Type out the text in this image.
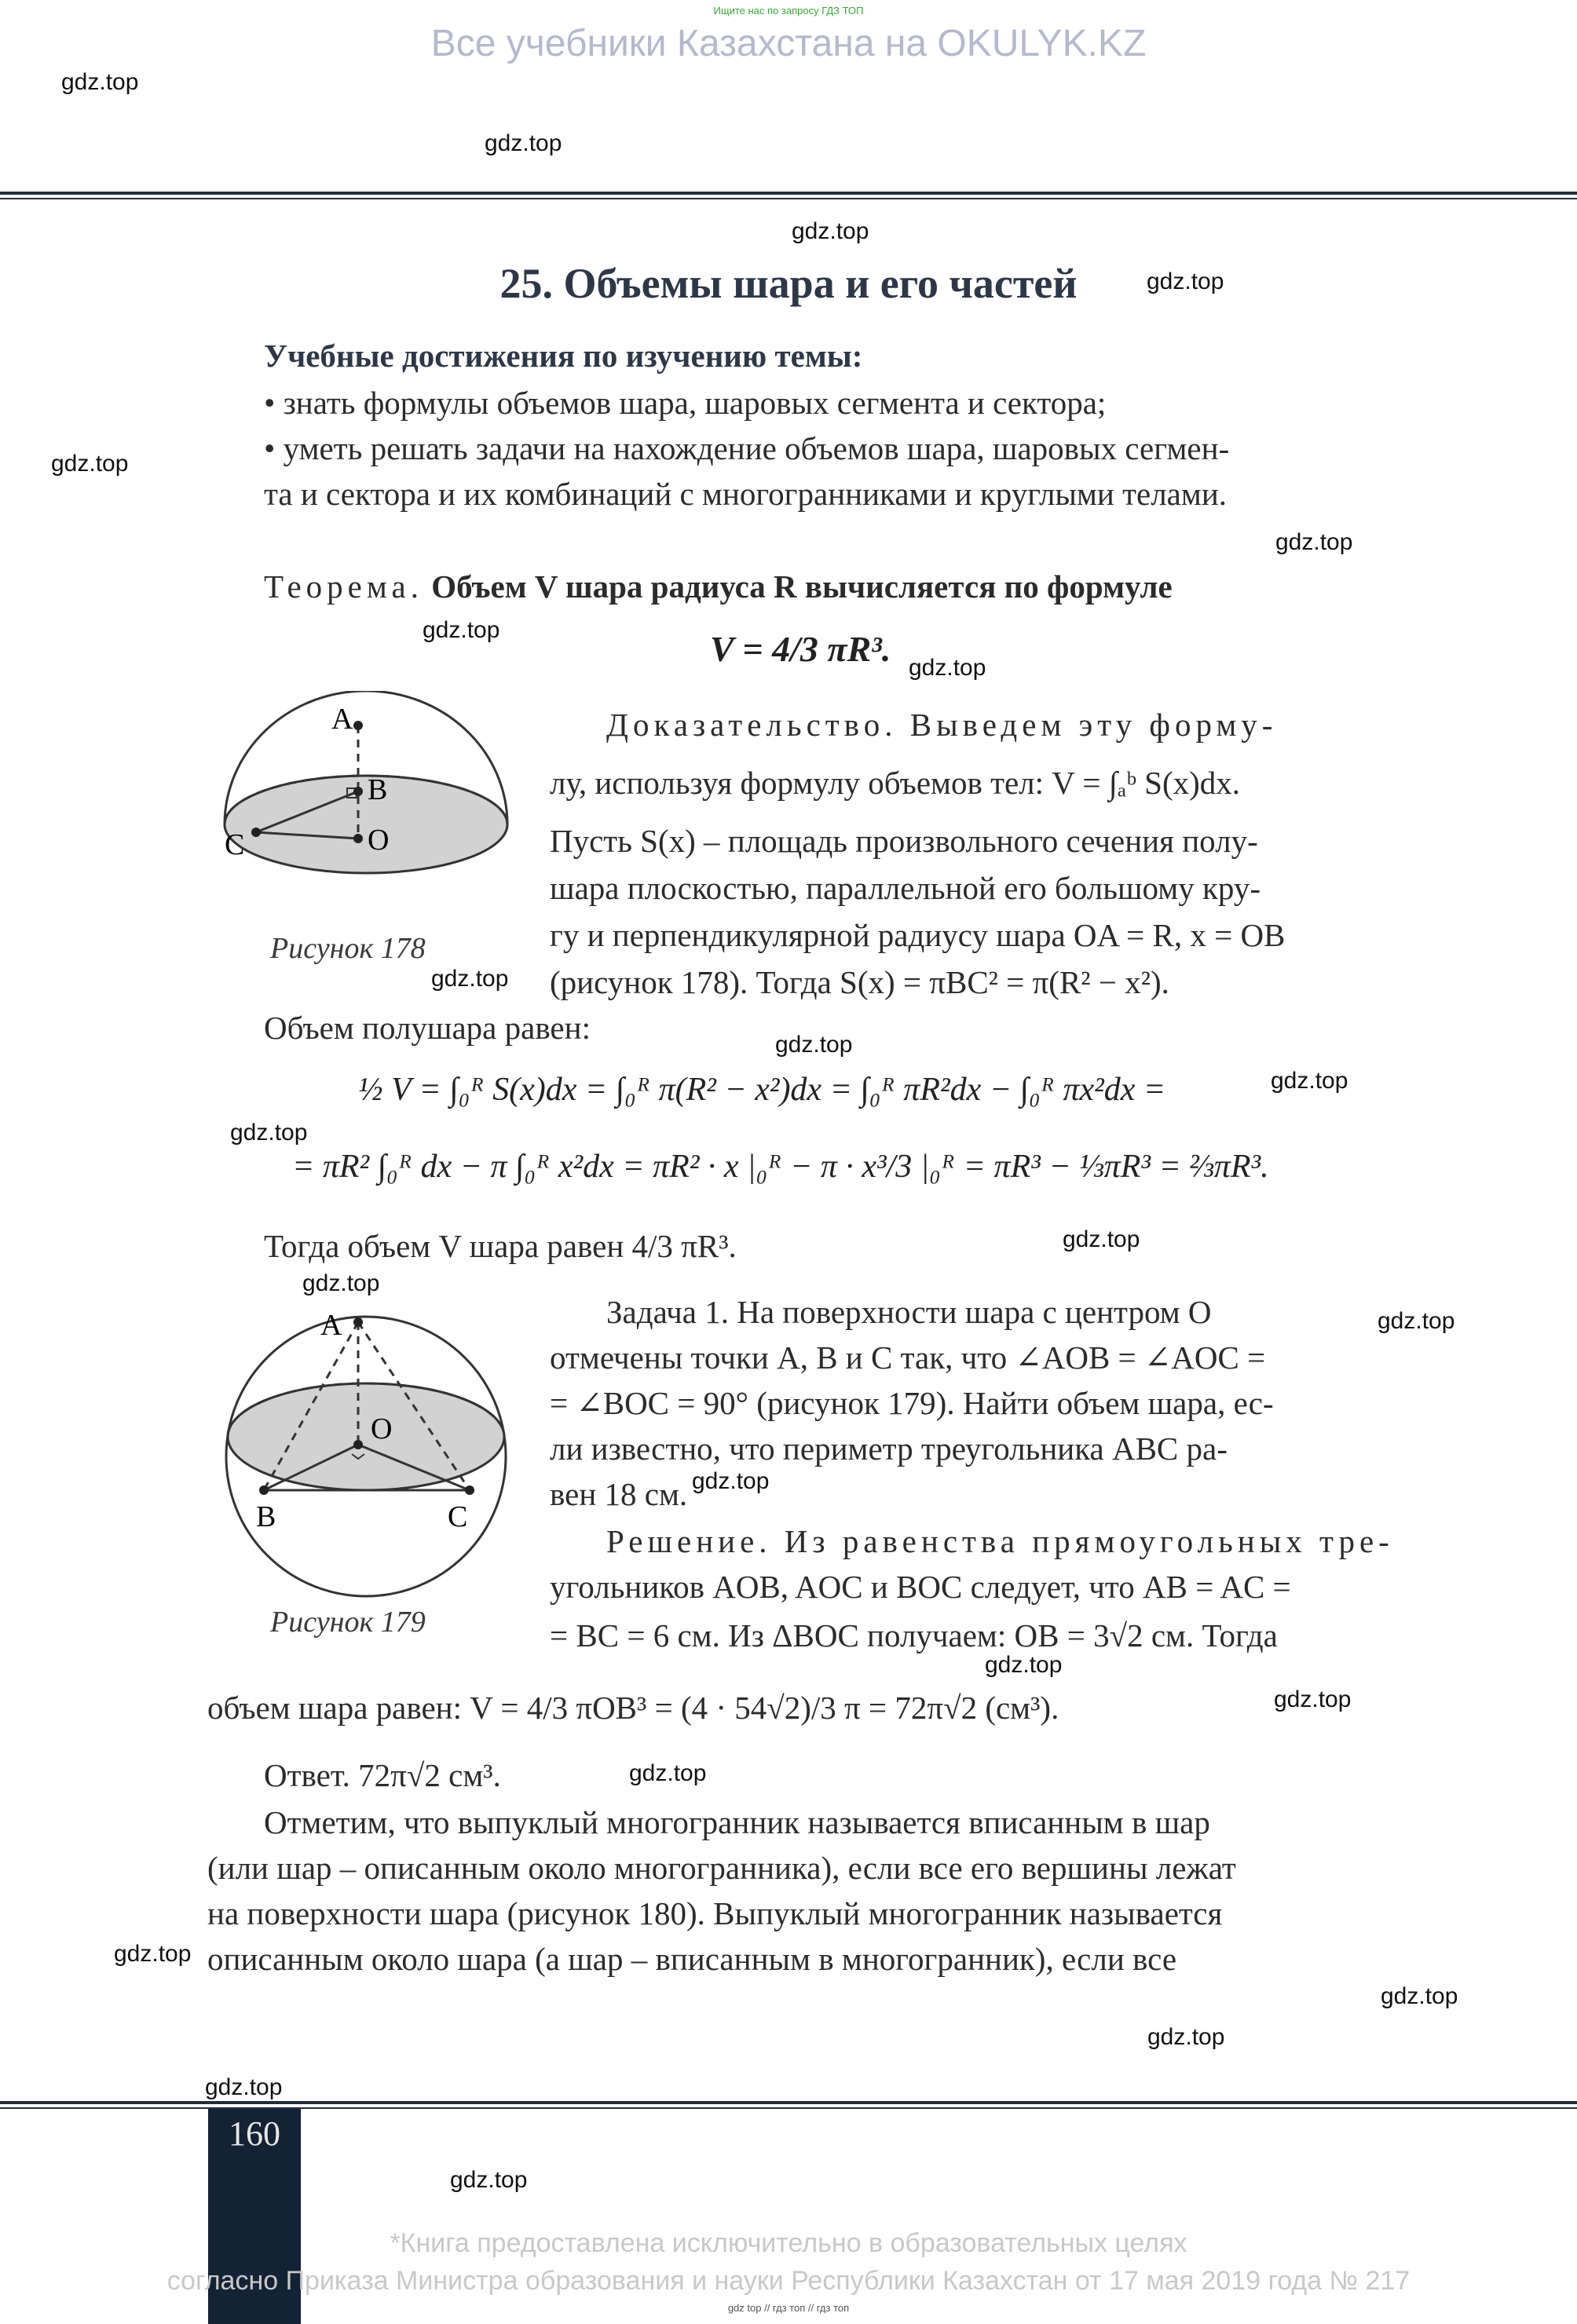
Ищите нас по запросу ГДЗ ТОП
Все учебники Казахстана на OKULYK.KZ
gdz.top
gdz.top
gdz.top
gdz.top
gdz.top
gdz.top
gdz.top
gdz.top
gdz.top
gdz.top
gdz.top
gdz.top
gdz.top
gdz.top
gdz.top
gdz.top
gdz.top
gdz.top
gdz.top
gdz.top
gdz.top
gdz.top
gdz.top
gdz.top
25. Объемы шара и его частей
Учебные достижения по изучению темы:
• знать формулы объемов шара, шаровых сегмента и сектора;
• уметь решать задачи на нахождение объемов шара, шаровых сегмен-
та и сектора и их комбинаций с многогранниками и круглыми телами.
Теорема. Объем V шара радиуса R вычисляется по формуле
V = 4/3 πR³.
A
B
C	O
Рисунок 178
Доказательство. Выведем эту форму-
лу, используя формулу объемов тел: V = ∫ₐᵇ S(x)dx.
Пусть S(x) – площадь произвольного сечения полу-
шара плоскостью, параллельной его большому кру-
гу и перпендикулярной радиусу шара OA = R, x = OB
(рисунок 178). Тогда S(x) = πBC² = π(R² − x²).
Объем полушара равен:
½ V = ∫₀ᴿ S(x)dx = ∫₀ᴿ π(R² − x²)dx = ∫₀ᴿ πR²dx − ∫₀ᴿ πx²dx =
= πR² ∫₀ᴿ dx − π ∫₀ᴿ x²dx = πR² · x |₀ᴿ − π · x³/3 |₀ᴿ = πR³ − ⅓πR³ = ⅔πR³.
Тогда объем V шара равен 4/3 πR³.
A
O
B	C
Рисунок 179
Задача 1. На поверхности шара с центром O
отмечены точки A, B и C так, что ∠AOB = ∠AOC =
= ∠BOC = 90° (рисунок 179). Найти объем шара, ес-
ли известно, что периметр треугольника ABC ра-
вен 18 см.
Решение. Из равенства прямоугольных тре-
угольников AOB, AOC и BOC следует, что AB = AC =
= BC = 6 см. Из ΔBOC получаем: OB = 3√2 см. Тогда
объем шара равен: V = 4/3 πOB³ = (4 · 54√2)/3 π = 72π√2 (см³).
Ответ. 72π√2 см³.
Отметим, что выпуклый многогранник называется вписанным в шар
(или шар – описанным около многогранника), если все его вершины лежат
на поверхности шара (рисунок 180). Выпуклый многогранник называется
описанным около шара (а шар – вписанным в многогранник), если все
160
*Книга предоставлена исключительно в образовательных целях
согласно Приказа Министра образования и науки Республики Казахстан от 17 мая 2019 года № 217
gdz top // гдз топ // гдз топ
